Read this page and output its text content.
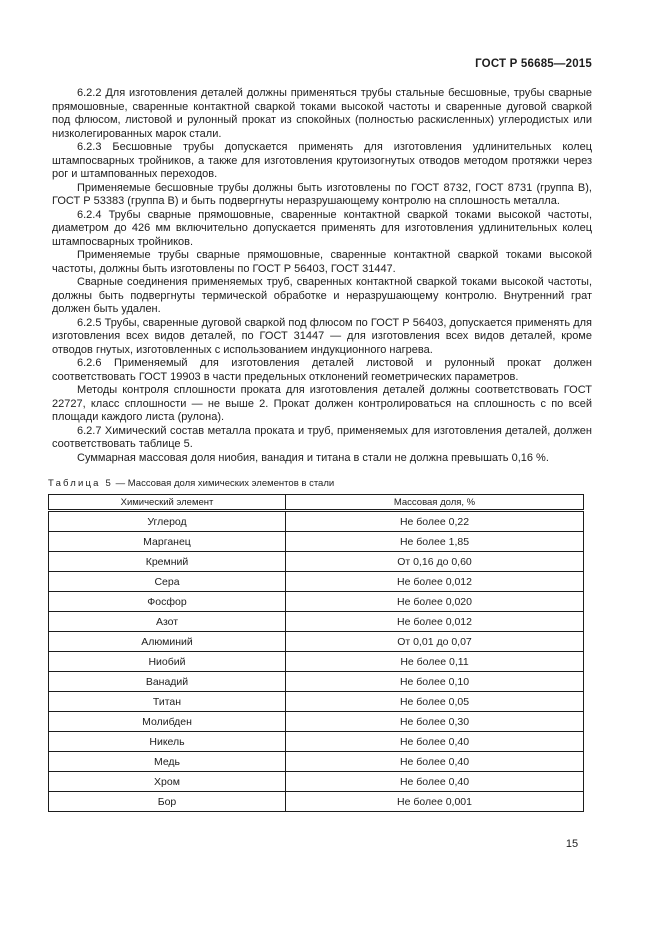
ГОСТ Р 56685—2015

6.2.2 Для изготовления деталей должны применяться трубы стальные бесшовные, трубы сварные прямошовные, сваренные контактной сваркой токами высокой частоты и сваренные дуговой сваркой под флюсом, листовой и рулонный прокат из спокойных (полностью раскисленных) углеродистых или низколегированных марок стали.

6.2.3 Бесшовные трубы допускается применять для изготовления удлинительных колец штампосварных тройников, а также для изготовления крутоизогнутых отводов методом протяжки через рог и штампованных переходов.

Применяемые бесшовные трубы должны быть изготовлены по ГОСТ 8732, ГОСТ 8731 (группа В), ГОСТ Р 53383 (группа В) и быть подвергнуты неразрушающему контролю на сплошность металла.

6.2.4 Трубы сварные прямошовные, сваренные контактной сваркой токами высокой частоты, диаметром до 426 мм включительно допускается применять для изготовления удлинительных колец штампосварных тройников.

Применяемые трубы сварные прямошовные, сваренные контактной сваркой токами высокой частоты, должны быть изготовлены по ГОСТ Р 56403, ГОСТ 31447.

Сварные соединения применяемых труб, сваренных контактной сваркой токами высокой частоты, должны быть подвергнуты термической обработке и неразрушающему контролю. Внутренний грат должен быть удален.

6.2.5 Трубы, сваренные дуговой сваркой под флюсом по ГОСТ Р 56403, допускается применять для изготовления всех видов деталей, по ГОСТ 31447 — для изготовления всех видов деталей, кроме отводов гнутых, изготовленных с использованием индукционного нагрева.

6.2.6 Применяемый для изготовления деталей листовой и рулонный прокат должен соответствовать ГОСТ 19903 в части предельных отклонений геометрических параметров.

Методы контроля сплошности проката для изготовления деталей должны соответствовать ГОСТ 22727, класс сплошности — не выше 2. Прокат должен контролироваться на сплошность с по всей площади каждого листа (рулона).

6.2.7 Химический состав металла проката и труб, применяемых для изготовления деталей, должен соответствовать таблице 5.

Суммарная массовая доля ниобия, ванадия и титана в стали не должна превышать 0,16 %.

Таблица 5 — Массовая доля химических элементов в стали
Химический элемент	Массовая доля, %
Углерод	Не более 0,22
Марганец	Не более 1,85
Кремний	От 0,16 до 0,60
Сера	Не более 0,012
Фосфор	Не более 0,020
Азот	Не более 0,012
Алюминий	От 0,01 до 0,07
Ниобий	Не более 0,11
Ванадий	Не более 0,10
Титан	Не более 0,05
Молибден	Не более 0,30
Никель	Не более 0,40
Медь	Не более 0,40
Хром	Не более 0,40
Бор	Не более 0,001
15
